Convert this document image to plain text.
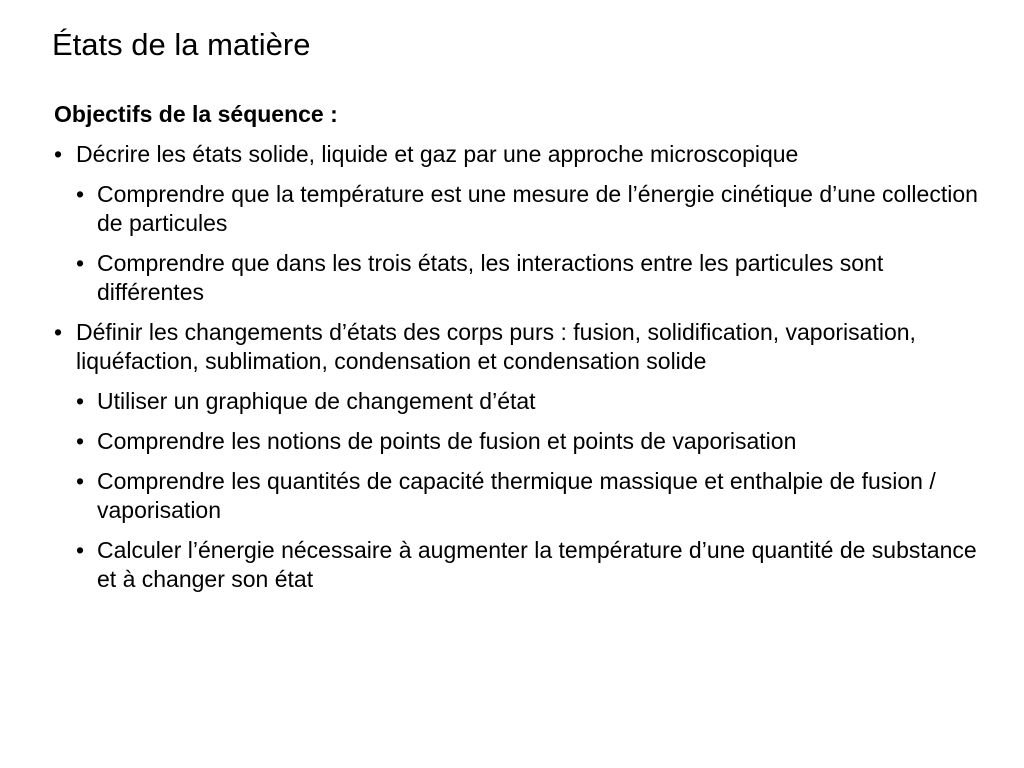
États de la matière

Objectifs de la séquence :

• Décrire les états solide, liquide et gaz par une approche microscopique
• Comprendre que la température est une mesure de l’énergie cinétique d’une collection de particules
• Comprendre que dans les trois états, les interactions entre les particules sont différentes
• Définir les changements d’états des corps purs : fusion, solidification, vaporisation, liquéfaction, sublimation, condensation et condensation solide
• Utiliser un graphique de changement d’état
• Comprendre les notions de points de fusion et points de vaporisation
• Comprendre les quantités de capacité thermique massique et enthalpie de fusion / vaporisation
• Calculer l’énergie nécessaire à augmenter la température d’une quantité de substance et à changer son état
